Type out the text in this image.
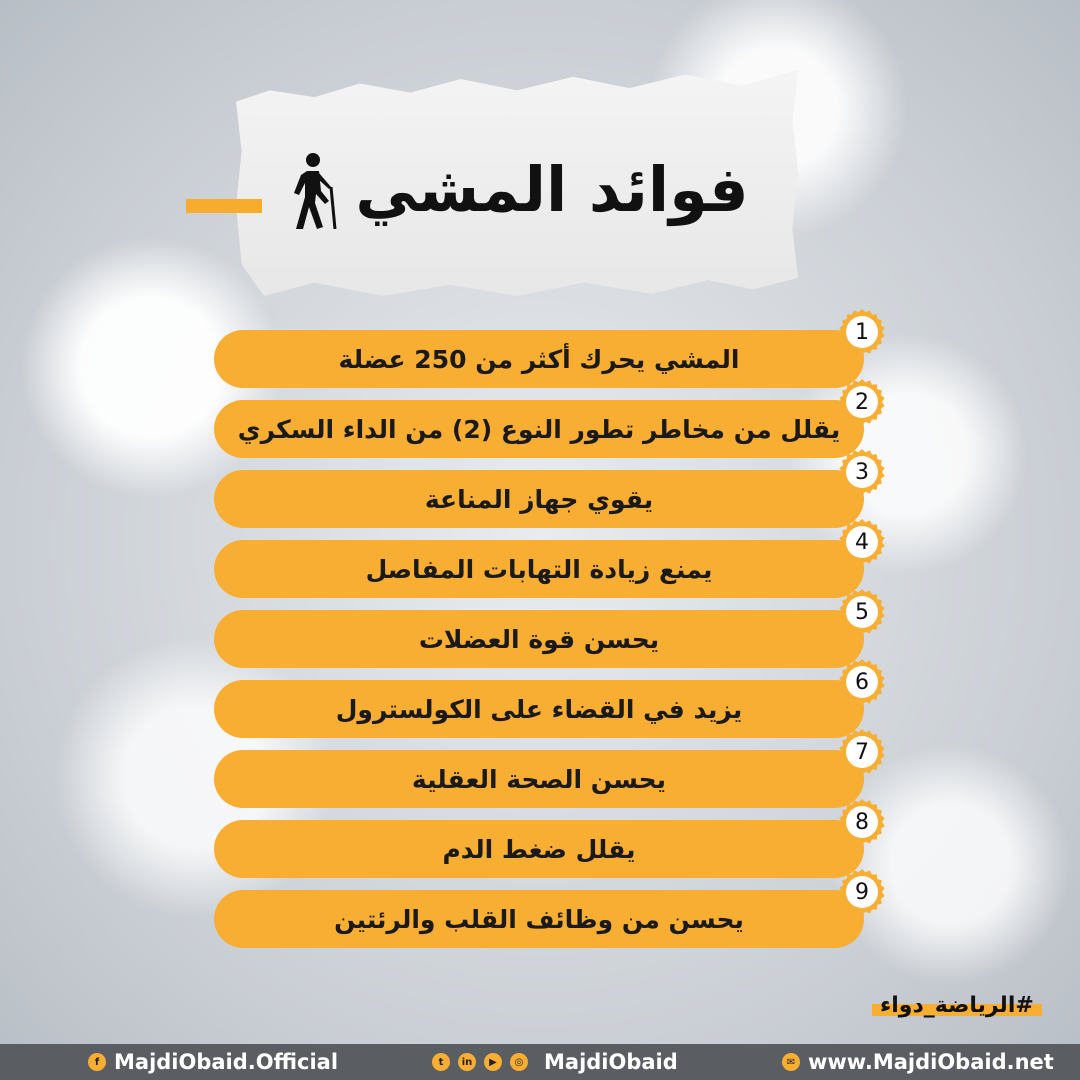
فوائد المشي
المشي يحرك أكثر من 250 عضلة
يقلل من مخاطر تطور النوع (2) من الداء السكري
يقوي جهاز المناعة
يمنع زيادة التهابات المفاصل
يحسن قوة العضلات
يزيد في القضاء على الكولسترول
يحسن الصحة العقلية
يقلل ضغط الدم
يحسن من وظائف القلب والرئتين
1
2
3
4
5
6
7
8
9
#الرياضة_دواء
f MajdiObaid.Official	t	in	▶	◎ MajdiObaid	✉ www.MajdiObaid.net
